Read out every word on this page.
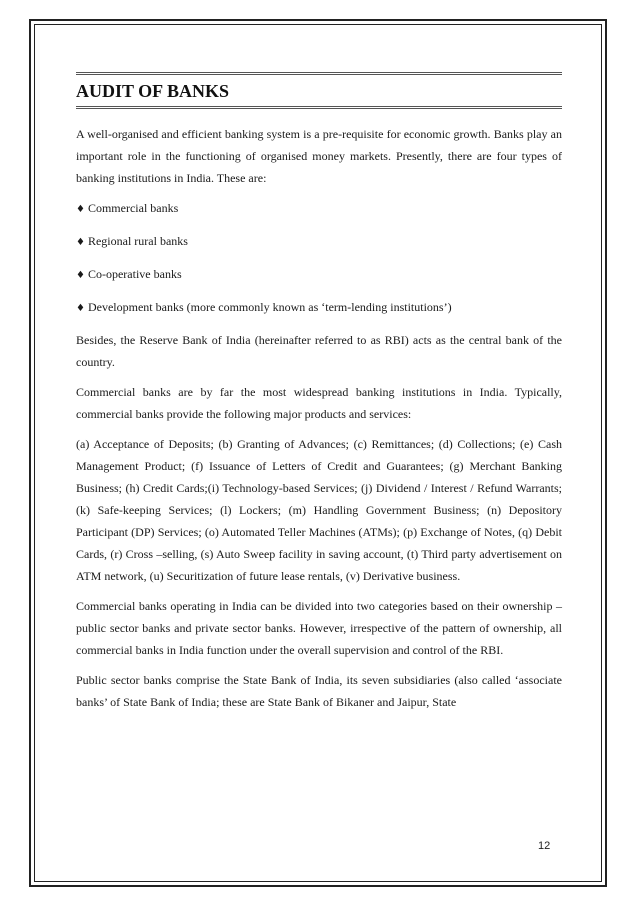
AUDIT OF BANKS

A well-organised and efficient banking system is a pre-requisite for economic growth. Banks play an important role in the functioning of organised money markets. Presently, there are four types of banking institutions in India. These are:

♦ Commercial banks
♦ Regional rural banks
♦ Co-operative banks
♦ Development banks (more commonly known as ‘term-lending institutions’)

Besides, the Reserve Bank of India (hereinafter referred to as RBI) acts as the central bank of the country.

Commercial banks are by far the most widespread banking institutions in India. Typically, commercial banks provide the following major products and services:

(a) Acceptance of Deposits; (b) Granting of Advances; (c) Remittances; (d) Collections; (e) Cash Management Product; (f) Issuance of Letters of Credit and Guarantees; (g) Merchant Banking Business; (h) Credit Cards;(i) Technology-based Services; (j) Dividend / Interest / Refund Warrants; (k) Safe-keeping Services; (l) Lockers; (m) Handling Government Business; (n) Depository Participant (DP) Services; (o) Automated Teller Machines (ATMs); (p) Exchange of Notes, (q) Debit Cards, (r) Cross –selling, (s) Auto Sweep facility in saving account, (t) Third party advertisement on ATM network, (u) Securitization of future lease rentals, (v) Derivative business.

Commercial banks operating in India can be divided into two categories based on their ownership – public sector banks and private sector banks. However, irrespective of the pattern of ownership, all commercial banks in India function under the overall supervision and control of the RBI.

Public sector banks comprise the State Bank of India, its seven subsidiaries (also called ‘associate banks’ of State Bank of India; these are State Bank of Bikaner and Jaipur, State

12
